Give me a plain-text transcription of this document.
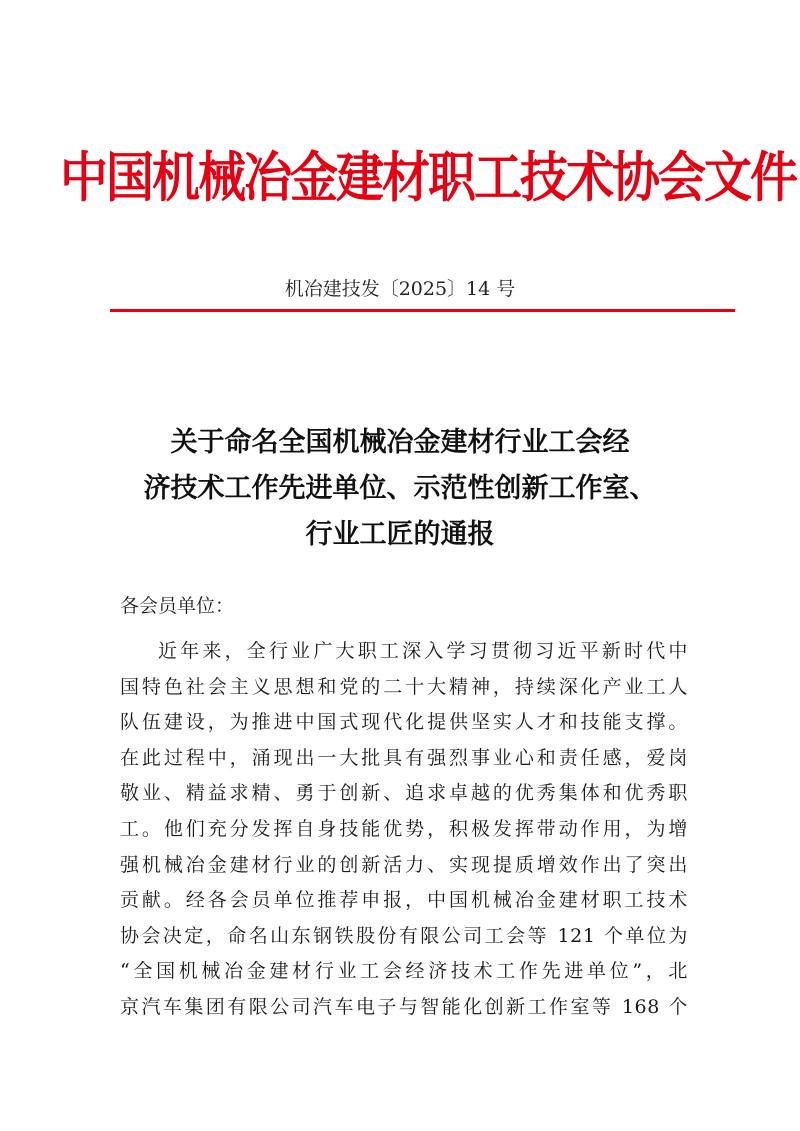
中国机械冶金建材职工技术协会文件
机冶建技发〔2025〕14 号
关于命名全国机械冶金建材行业工会经
济技术工作先进单位、示范性创新工作室、
行业工匠的通报
各会员单位：
近年来，全行业广大职工深入学习贯彻习近平新时代中
国特色社会主义思想和党的二十大精神，持续深化产业工人
队伍建设，为推进中国式现代化提供坚实人才和技能支撑。
在此过程中，涌现出一大批具有强烈事业心和责任感，爱岗
敬业、精益求精、勇于创新、追求卓越的优秀集体和优秀职
工。他们充分发挥自身技能优势，积极发挥带动作用，为增
强机械冶金建材行业的创新活力、实现提质增效作出了突出
贡献。经各会员单位推荐申报，中国机械冶金建材职工技术
协会决定，命名山东钢铁股份有限公司工会等 121 个单位为
“全国机械冶金建材行业工会经济技术工作先进单位”，北
京汽车集团有限公司汽车电子与智能化创新工作室等 168 个
